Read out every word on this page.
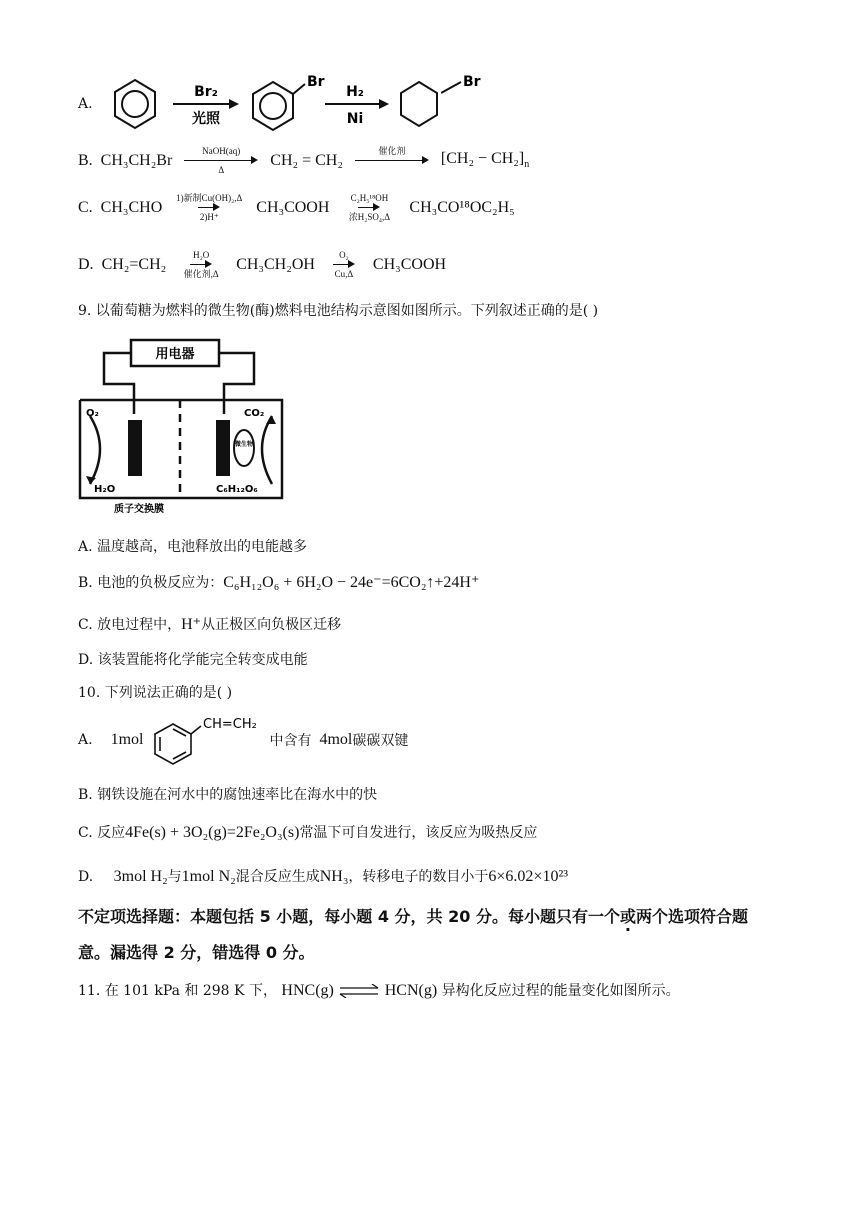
A.
Br₂
光照
Br
H₂
Ni
Br
B. CH₃CH₂Br
NaOH(aq)
Δ
CH₂ = CH₂
催化剂
$[CH_2 - CH_2]_n$
C. CH₃CHO
1)新制Cu(OH)₂,Δ
2)H⁺
CH₃COOH
C₂H₅¹⁸OH
浓H₂SO₄,Δ
CH₃CO¹⁸OC₂H₅
D. CH₂=CH₂
H₂O
催化剂,Δ
CH₃CH₂OH
O₂
Cu,Δ
CH₃COOH
9. 以葡萄糖为燃料的微生物(酶)燃料电池结构示意图如图所示。下列叙述正确的是( )
用电器
微生物
O₂	CO₂
H₂O	C₆H₁₂O₆
质子交换膜
A. 温度越高，电池释放出的电能越多
B. 电池的负极反应为：C₆H₁₂O₆ + 6H₂O − 24e⁻=6CO₂↑+24H⁺
C. 放电过程中，H⁺从正极区向负极区迁移
D. 该装置能将化学能完全转变成电能
10. 下列说法正确的是( )
A. 1mol
CH=CH₂
中含有 4mol 碳碳双键
B. 钢铁设施在河水中的腐蚀速率比在海水中的快
C. 反应4Fe(s) + 3O₂(g)=2Fe₂O₃(s)常温下可自发进行，该反应为吸热反应
D. 3mol H₂与1mol N₂混合反应生成NH₃，转移电子的数目小于6×6.02×10²³
不定项选择题：本题包括 5 小题，每小题 4 分，共 20 分。每小题只有一个或两个 ·选项符合题
意。漏选得 2 分，错选得 0 分。
11. 在 101 kPa 和 298 K 下， HNC(g) ⇌ HCN(g) 异构化反应过程的能量变化如图所示。
